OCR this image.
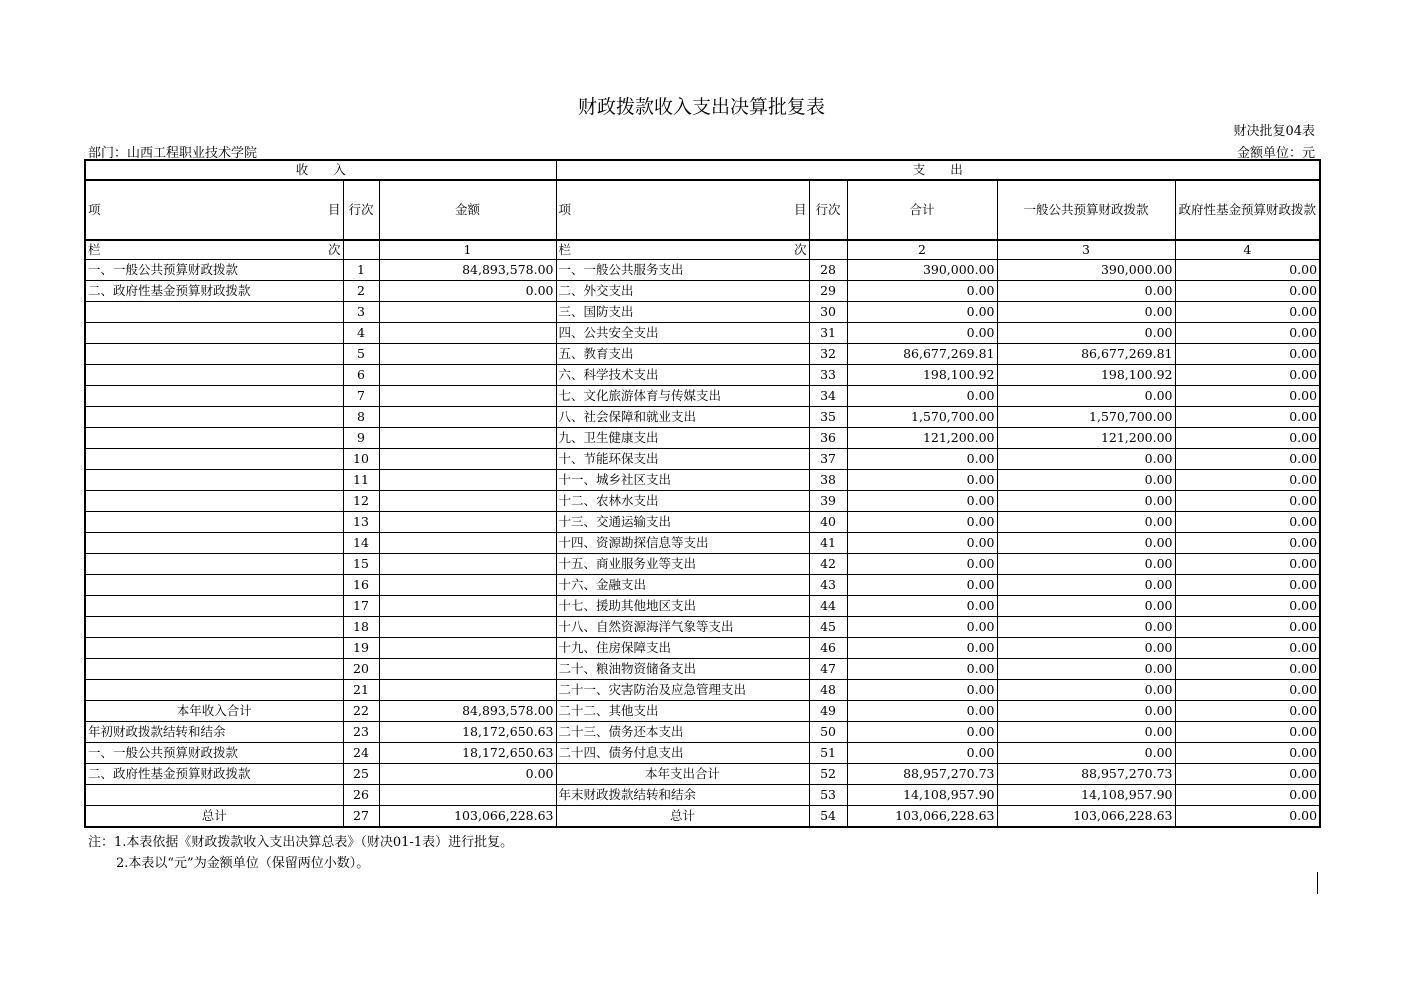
财政拨款收入支出决算批复表
财决批复04表
部门：山西工程职业技术学院	金额单位：元
收　　入			支　　出				

项 目	行次	金额	项 目	行次	合计	一般公共预算财政拨款	政府性基金预算财政拨款

栏 次		1	栏 次		2	3	4
一、一般公共预算财政拨款	1	84,893,578.00	一、一般公共服务支出	28	390,000.00	390,000.00	0.00
二、政府性基金预算财政拨款	2	0.00	二、外交支出	29	0.00	0.00	0.00
	3		三、国防支出	30	0.00	0.00	0.00
	4		四、公共安全支出	31	0.00	0.00	0.00
	5		五、教育支出	32	86,677,269.81	86,677,269.81	0.00
	6		六、科学技术支出	33	198,100.92	198,100.92	0.00
	7		七、文化旅游体育与传媒支出	34	0.00	0.00	0.00
	8		八、社会保障和就业支出	35	1,570,700.00	1,570,700.00	0.00
	9		九、卫生健康支出	36	121,200.00	121,200.00	0.00
	10		十、节能环保支出	37	0.00	0.00	0.00
	11		十一、城乡社区支出	38	0.00	0.00	0.00
	12		十二、农林水支出	39	0.00	0.00	0.00
	13		十三、交通运输支出	40	0.00	0.00	0.00
	14		十四、资源勘探信息等支出	41	0.00	0.00	0.00
	15		十五、商业服务业等支出	42	0.00	0.00	0.00
	16		十六、金融支出	43	0.00	0.00	0.00
	17		十七、援助其他地区支出	44	0.00	0.00	0.00
	18		十八、自然资源海洋气象等支出	45	0.00	0.00	0.00
	19		十九、住房保障支出	46	0.00	0.00	0.00
	20		二十、粮油物资储备支出	47	0.00	0.00	0.00
	21		二十一、灾害防治及应急管理支出	48	0.00	0.00	0.00
本年收入合计	22	84,893,578.00	二十二、其他支出	49	0.00	0.00	0.00
年初财政拨款结转和结余	23	18,172,650.63	二十三、债务还本支出	50	0.00	0.00	0.00
一、一般公共预算财政拨款	24	18,172,650.63	二十四、债务付息支出	51	0.00	0.00	0.00
二、政府性基金预算财政拨款	25	0.00	本年支出合计	52	88,957,270.73	88,957,270.73	0.00
	26		年末财政拨款结转和结余	53	14,108,957.90	14,108,957.90	0.00
总计	27	103,066,228.63	总计	54	103,066,228.63	103,066,228.63	0.00
注：1.本表依据《财政拨款收入支出决算总表》（财决01-1表）进行批复。
2.本表以“元”为金额单位（保留两位小数）。
